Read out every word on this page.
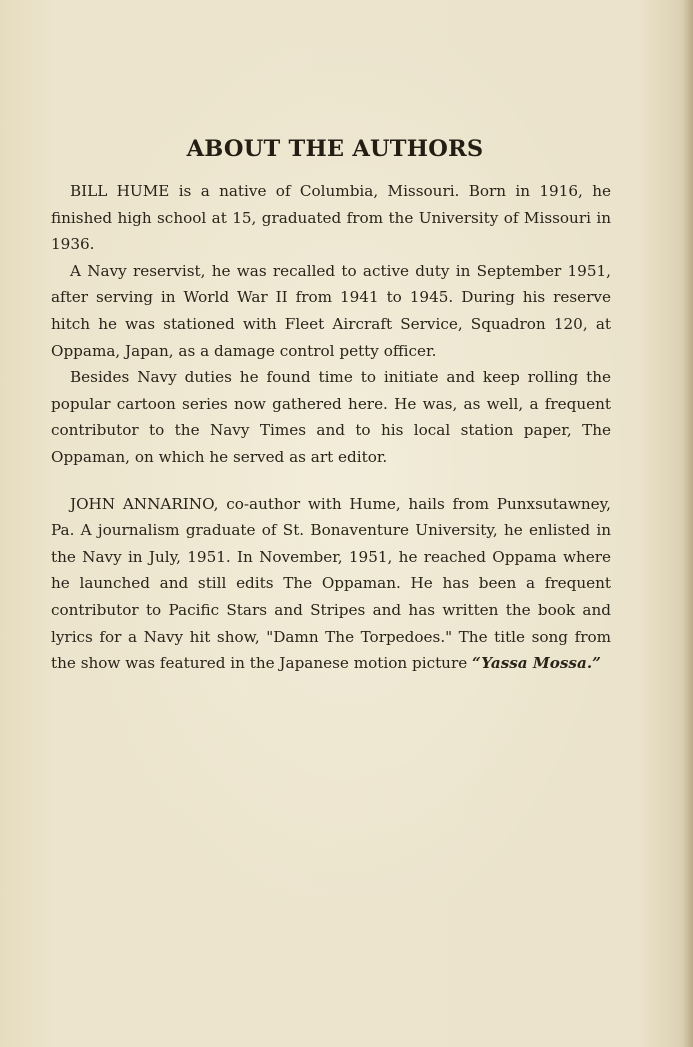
ABOUT THE AUTHORS

BILL HUME is a native of Columbia, Missouri. Born in 1916, he finished high school at 15, graduated from the University of Missouri in 1936.

A Navy reservist, he was recalled to active duty in September 1951, after serving in World War II from 1941 to 1945. During his reserve hitch he was stationed with Fleet Aircraft Service, Squadron 120, at Oppama, Japan, as a damage control petty officer.

Besides Navy duties he found time to initiate and keep rolling the popular cartoon series now gathered here. He was, as well, a frequent contributor to the Navy Times and to his local station paper, The Oppaman, on which he served as art editor.

JOHN ANNARINO, co-author with Hume, hails from Punxsutawney, Pa. A journalism graduate of St. Bonaventure University, he enlisted in the Navy in July, 1951. In November, 1951, he reached Oppama where he launched and still edits The Oppaman. He has been a frequent contributor to Pacific Stars and Stripes and has written the book and lyrics for a Navy hit show, "Damn The Torpedoes." The title song from the show was featured in the Japanese motion picture “Yassa Mossa.”
